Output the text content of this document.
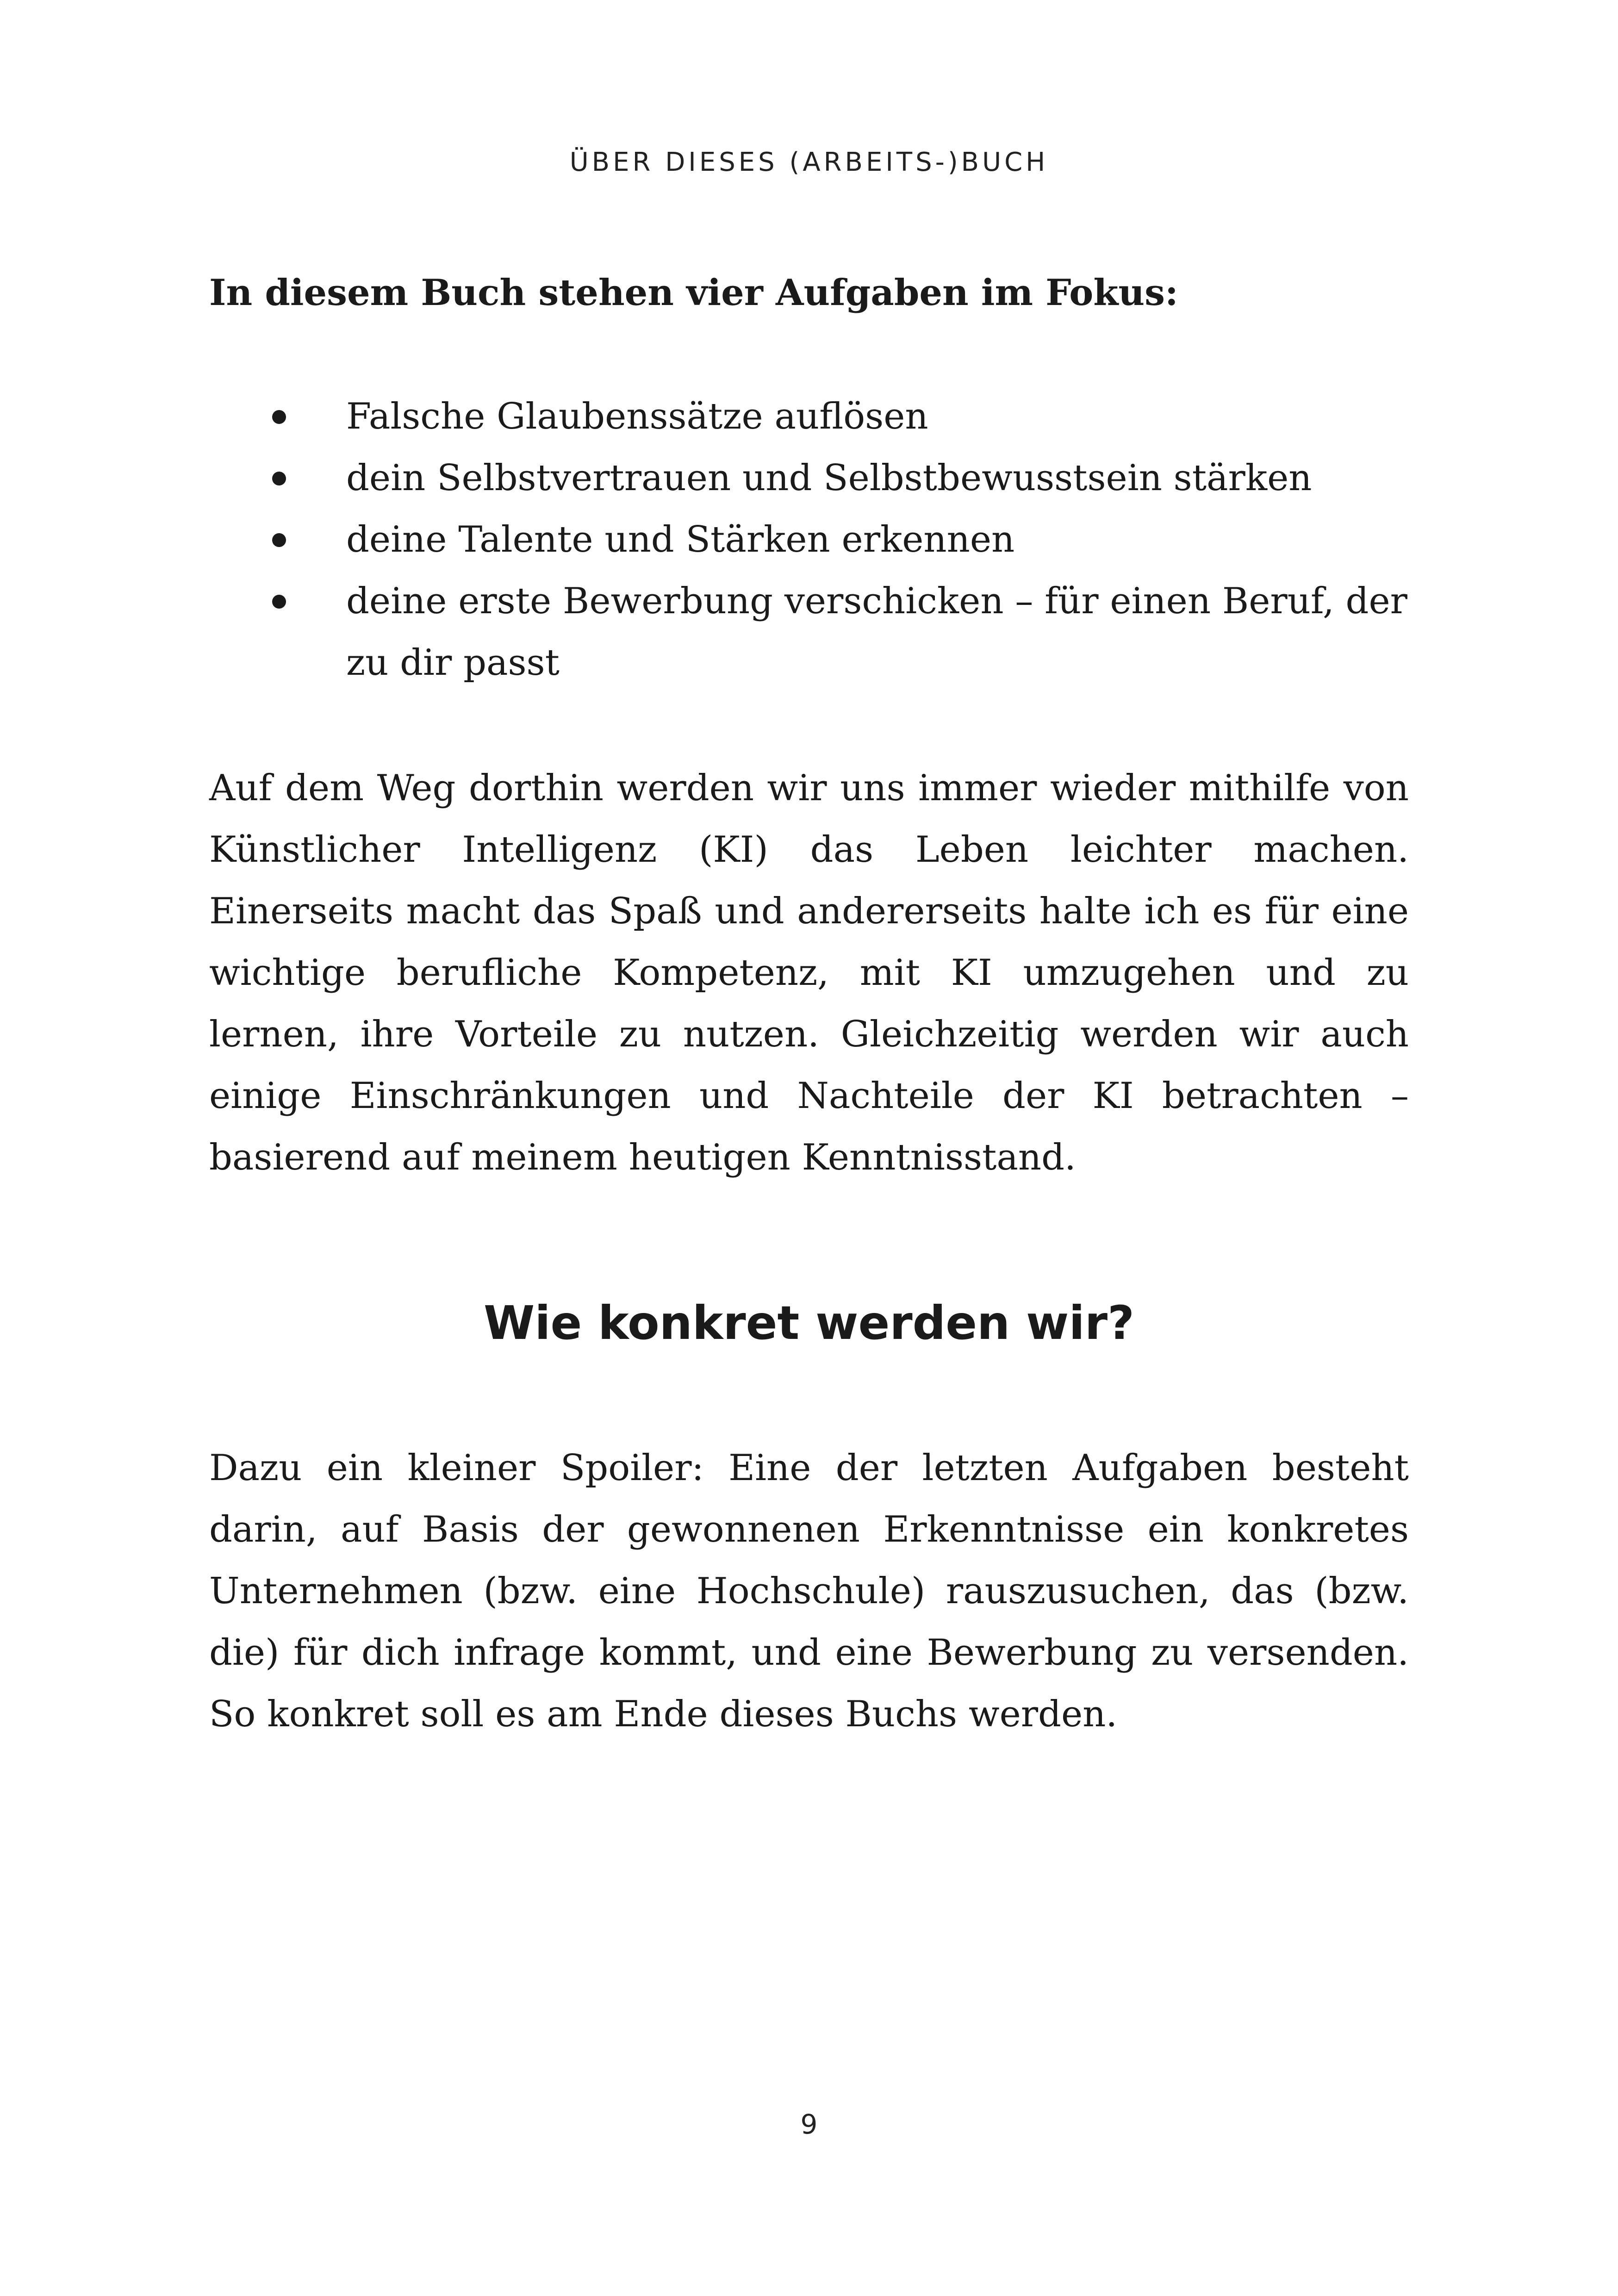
ÜBER DIESES (ARBEITS-)BUCH

In diesem Buch stehen vier Aufgaben im Fokus:

Falsche Glaubenssätze auflösen
dein Selbstvertrauen und Selbstbewusstsein stärken
deine Talente und Stärken erkennen
deine erste Bewerbung verschicken – für einen Beruf, der zu dir passt

Auf dem Weg dorthin werden wir uns immer wieder mithilfe von Künstlicher Intelligenz (KI) das Leben leichter machen. Einerseits macht das Spaß und andererseits halte ich es für eine wichtige berufliche Kompetenz, mit KI umzugehen und zu lernen, ihre Vorteile zu nutzen. Gleichzeitig werden wir auch einige Einschränkungen und Nachteile der KI betrachten – basierend auf meinem heutigen Kenntnisstand.

Wie konkret werden wir?

Dazu ein kleiner Spoiler: Eine der letzten Aufgaben besteht darin, auf Basis der gewonnenen Erkenntnisse ein konkretes Unternehmen (bzw. eine Hochschule) rauszusuchen, das (bzw. die) für dich infrage kommt, und eine Bewerbung zu versenden. So konkret soll es am Ende dieses Buchs werden.

9
